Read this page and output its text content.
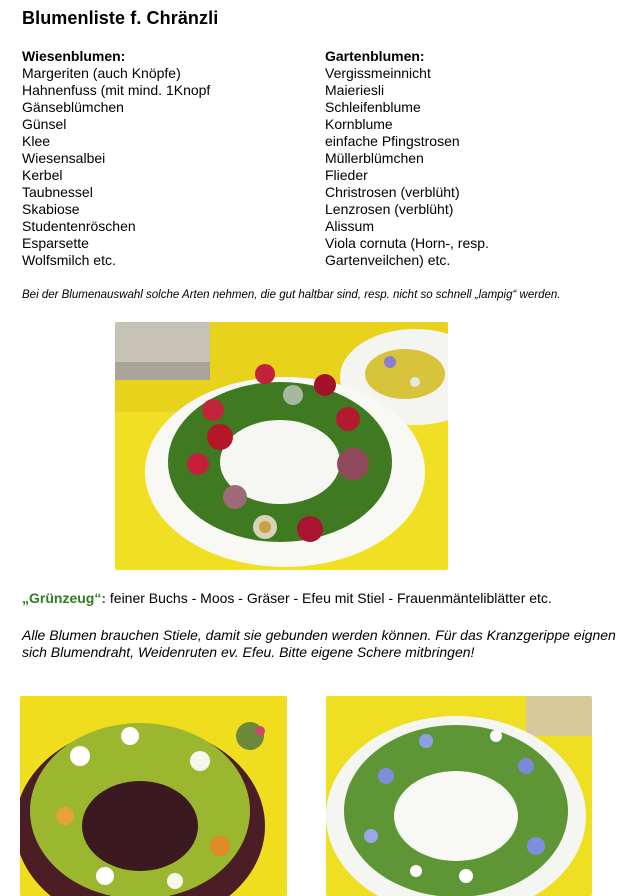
Blumenliste f. Chränzli
Wiesenblumen:
Margeriten (auch Knöpfe)
Hahnenfuss (mit mind. 1Knopf
Gänseblümchen
Günsel
Klee
Wiesensalbei
Kerbel
Taubnessel
Skabiose
Studentenröschen
Esparsette
Wolfsmilch etc.
Gartenblumen:
Vergissmeinnicht
Maieriesli
Schleifenblume
Kornblume
einfache Pfingstrosen
Müllerblümchen
Flieder
Christrosen (verblüht)
Lenzrosen (verblüht)
Alissum
Viola cornuta (Horn-, resp.
Gartenveilchen) etc.
Bei der Blumenauswahl solche Arten nehmen, die gut haltbar sind, resp. nicht so schnell „lampig“ werden.
„Grünzeug“: feiner Buchs - Moos - Gräser - Efeu mit Stiel - Frauenmänteliblätter etc.
Alle Blumen brauchen Stiele, damit sie gebunden werden können. Für das Kranzgerippe eignen sich Blumendraht, Weidenruten ev. Efeu. Bitte eigene Schere mitbringen!
